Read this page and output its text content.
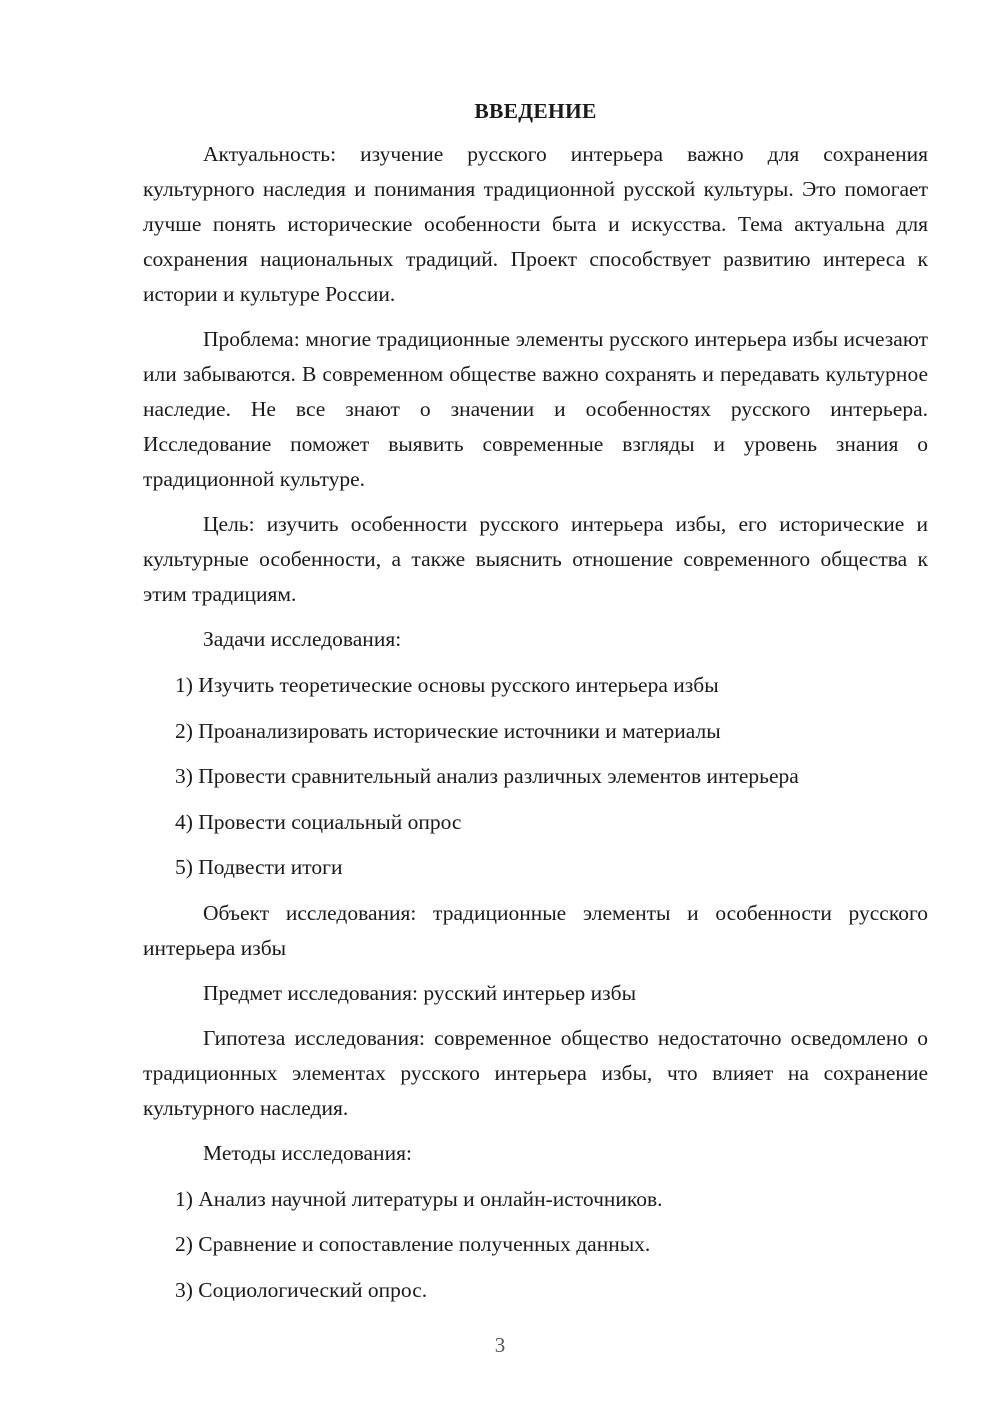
ВВЕДЕНИЕ

Актуальность: изучение русского интерьера важно для сохранения культурного наследия и понимания традиционной русской культуры. Это помогает лучше понять исторические особенности быта и искусства. Тема актуальна для сохранения национальных традиций. Проект способствует развитию интереса к истории и культуре России.

Проблема: многие традиционные элементы русского интерьера избы исчезают или забываются. В современном обществе важно сохранять и передавать культурное наследие. Не все знают о значении и особенностях русского интерьера. Исследование поможет выявить современные взгляды и уровень знания о традиционной культуре.

Цель: изучить особенности русского интерьера избы, его исторические и культурные особенности, а также выяснить отношение современного общества к этим традициям.

Задачи исследования:

1) Изучить теоретические основы русского интерьера избы

2) Проанализировать исторические источники и материалы

3) Провести сравнительный анализ различных элементов интерьера

4) Провести социальный опрос

5) Подвести итоги

Объект исследования: традиционные элементы и особенности русского интерьера избы

Предмет исследования: русский интерьер избы

Гипотеза исследования: современное общество недостаточно осведомлено о традиционных элементах русского интерьера избы, что влияет на сохранение культурного наследия.

Методы исследования:

1) Анализ научной литературы и онлайн-источников.

2) Сравнение и сопоставление полученных данных.

3) Социологический опрос.

3
